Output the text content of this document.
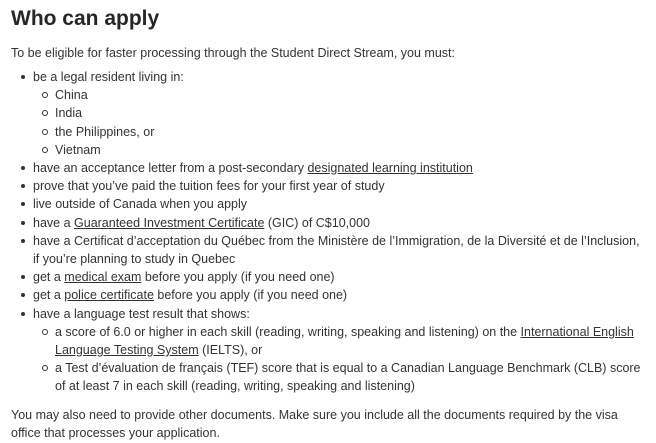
Who can apply

To be eligible for faster processing through the Student Direct Stream, you must:

be a legal resident living in:
China
India
the Philippines, or
Vietnam
have an acceptance letter from a post-secondary designated learning institution
prove that you’ve paid the tuition fees for your first year of study
live outside of Canada when you apply
have a Guaranteed Investment Certificate (GIC) of C$10,000
have a Certificat d’acceptation du Québec from the Ministère de l’Immigration, de la Diversité et de l’Inclusion, if you’re planning to study in Quebec
get a medical exam before you apply (if you need one)
get a police certificate before you apply (if you need one)
have a language test result that shows:
a score of 6.0 or higher in each skill (reading, writing, speaking and listening) on the International English Language Testing System (IELTS), or
a Test d’évaluation de français (TEF) score that is equal to a Canadian Language Benchmark (CLB) score of at least 7 in each skill (reading, writing, speaking and listening)

You may also need to provide other documents. Make sure you include all the documents required by the visa office that processes your application.
